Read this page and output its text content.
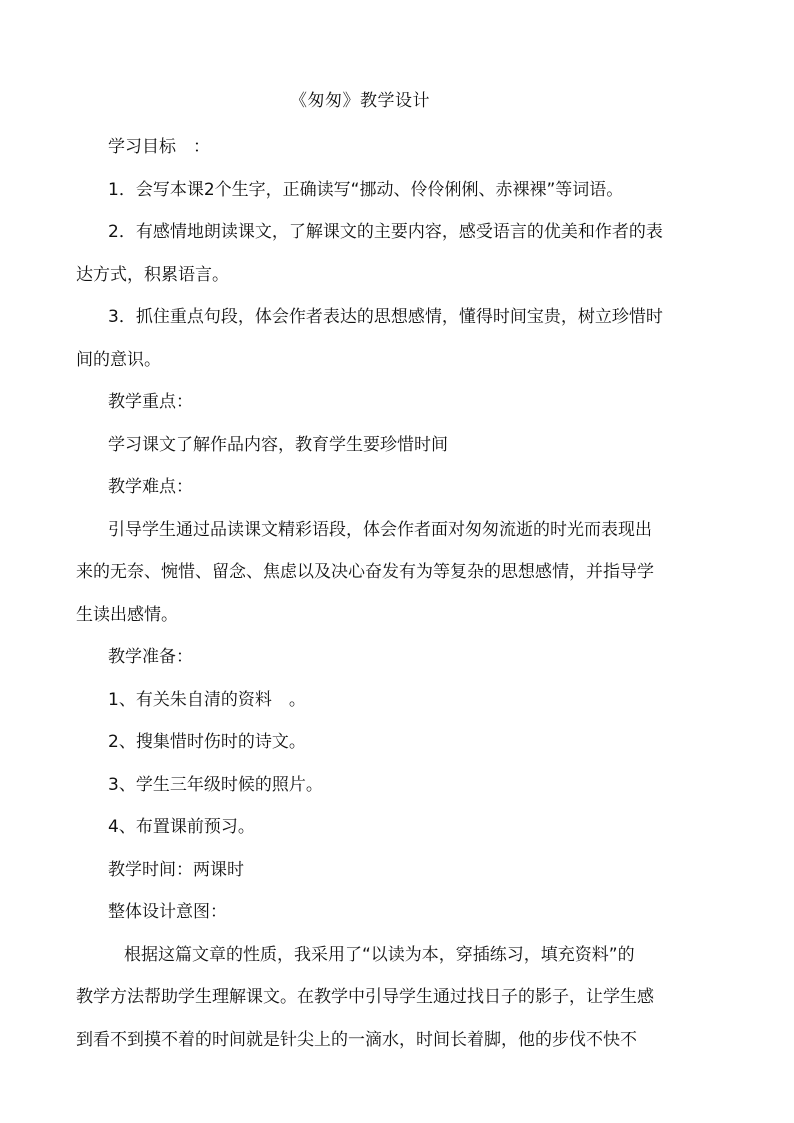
《匆匆》教学设计
学习目标　：
1．会写本课2个生字，正确读写“挪动、伶伶俐俐、赤裸裸”等词语。
2．有感情地朗读课文，了解课文的主要内容，感受语言的优美和作者的表
达方式，积累语言。
3．抓住重点句段，体会作者表达的思想感情，懂得时间宝贵，树立珍惜时
间的意识。
教学重点：
学习课文了解作品内容，教育学生要珍惜时间
教学难点：
引导学生通过品读课文精彩语段，体会作者面对匆匆流逝的时光而表现出
来的无奈、惋惜、留念、焦虑以及决心奋发有为等复杂的思想感情，并指导学
生读出感情。
教学准备：
1、有关朱自清的资料　。
2、搜集惜时伤时的诗文。
3、学生三年级时候的照片。
4、布置课前预习。
教学时间：两课时
整体设计意图：
根据这篇文章的性质，我采用了“以读为本，穿插练习，填充资料”的
教学方法帮助学生理解课文。在教学中引导学生通过找日子的影子，让学生感
到看不到摸不着的时间就是针尖上的一滴水，时间长着脚，他的步伐不快不
